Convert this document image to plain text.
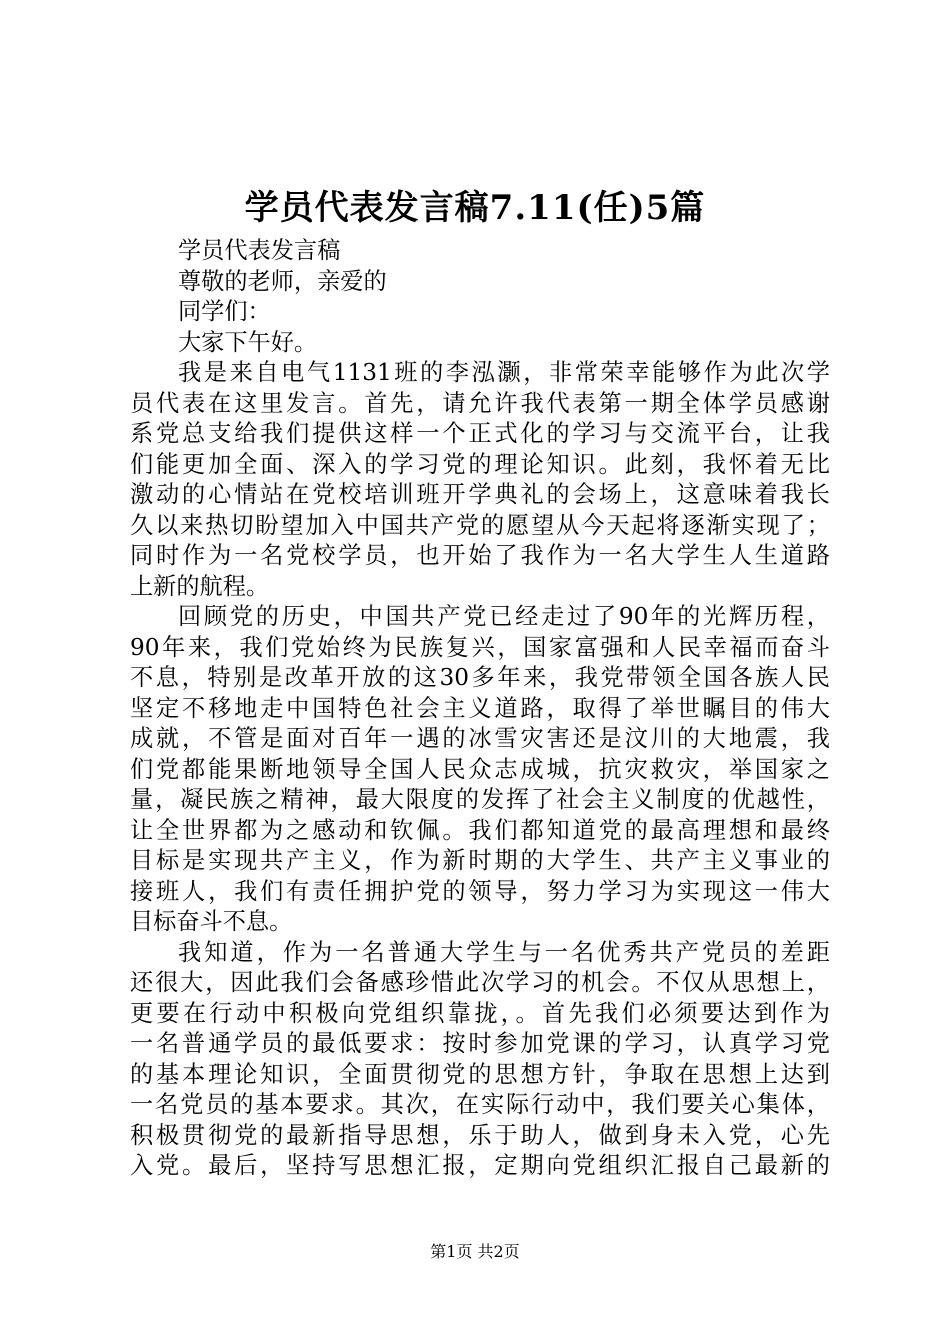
学员代表发言稿7.11(任)5篇
学员代表发言稿
尊敬的老师，亲爱的
同学们：
大家下午好。
我是来自电气1131班的李泓灏，非常荣幸能够作为此次学
员代表在这里发言。首先，请允许我代表第一期全体学员感谢
系党总支给我们提供这样一个正式化的学习与交流平台，让我
们能更加全面、深入的学习党的理论知识。此刻，我怀着无比
激动的心情站在党校培训班开学典礼的会场上，这意味着我长
久以来热切盼望加入中国共产党的愿望从今天起将逐渐实现了；
同时作为一名党校学员，也开始了我作为一名大学生人生道路
上新的航程。
回顾党的历史，中国共产党已经走过了90年的光辉历程，
90年来，我们党始终为民族复兴，国家富强和人民幸福而奋斗
不息，特别是改革开放的这30多年来，我党带领全国各族人民
坚定不移地走中国特色社会主义道路，取得了举世瞩目的伟大
成就，不管是面对百年一遇的冰雪灾害还是汶川的大地震，我
们党都能果断地领导全国人民众志成城，抗灾救灾，举国家之
量，凝民族之精神，最大限度的发挥了社会主义制度的优越性，
让全世界都为之感动和钦佩。我们都知道党的最高理想和最终
目标是实现共产主义，作为新时期的大学生、共产主义事业的
接班人，我们有责任拥护党的领导，努力学习为实现这一伟大
目标奋斗不息。
我知道，作为一名普通大学生与一名优秀共产党员的差距
还很大，因此我们会备感珍惜此次学习的机会。不仅从思想上，
更要在行动中积极向党组织靠拢，。首先我们必须要达到作为
一名普通学员的最低要求：按时参加党课的学习，认真学习党
的基本理论知识，全面贯彻党的思想方针，争取在思想上达到
一名党员的基本要求。其次，在实际行动中，我们要关心集体，
积极贯彻党的最新指导思想，乐于助人，做到身未入党，心先
入党。最后，坚持写思想汇报，定期向党组织汇报自己最新的
第1页 共2页
